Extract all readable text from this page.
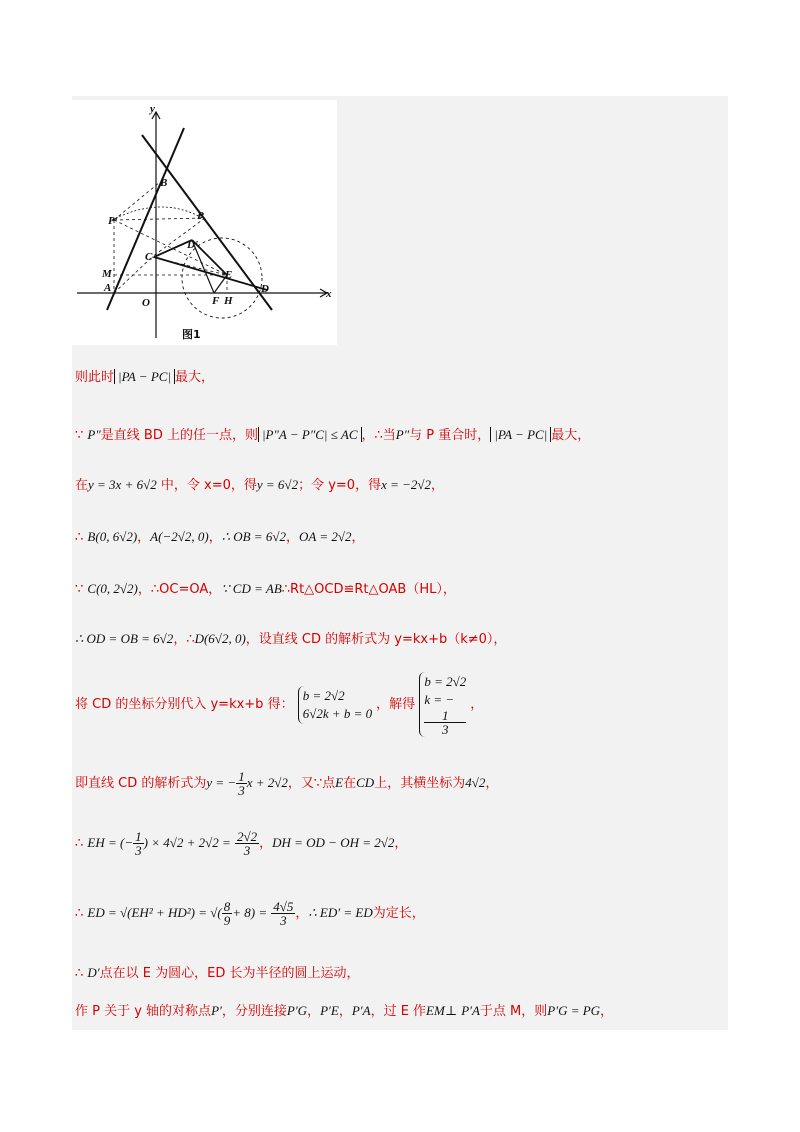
y
x
B
P
P'
D'
C
E
M
A
O	F H
D
图1
则此时 |PA − PC| 最大，
∵ P″是直线 BD 上的任一点，则 |P″A − P″C| ≤ AC ，∴当P″与 P 重合时， |PA − PC| 最大，
在y = 3x + 6√2 中，令 x=0，得y = 6√2；令 y=0，得x = −2√2，
∴ B(0, 6√2)，A(−2√2, 0)，∴ OB = 6√2，OA = 2√2，
∵ C(0, 2√2)，∴OC=OA，∵ CD = AB∴Rt△OCD≌Rt△OAB（HL），
∴ OD = OB = 6√2，∴D(6√2, 0)，设直线 CD 的解析式为 y=kx+b（k≠0），
将 CD 的坐标分别代入 y=kx+b 得：
b = 2√2
6√2k + b = 0
，解得
b = 2√2
k = −
1
3
，
即直线 CD 的解析式为y = − $\frac{1}{3}$ x + 2√2，又∵点E在CD上，其横坐标为4√2，
∴ EH = (− $\frac{1}{3}$ ) × $4√2 + 2√2 = \frac{2√2}{3}$ ，DH = OD − OH = 2√2，
∴ ED = √(EH² + HD²) = √( $\frac{8}{9} + 8) = \frac{4√5}{3}$ ，∴ ED′ = ED为定长，
∴ D′点在以 E 为圆心，ED 长为半径的圆上运动，
作 P 关于 y 轴的对称点P′，分别连接P′G，P′E，P′A，过 E 作EM⊥ P′A于点 M，则P′G = PG，
